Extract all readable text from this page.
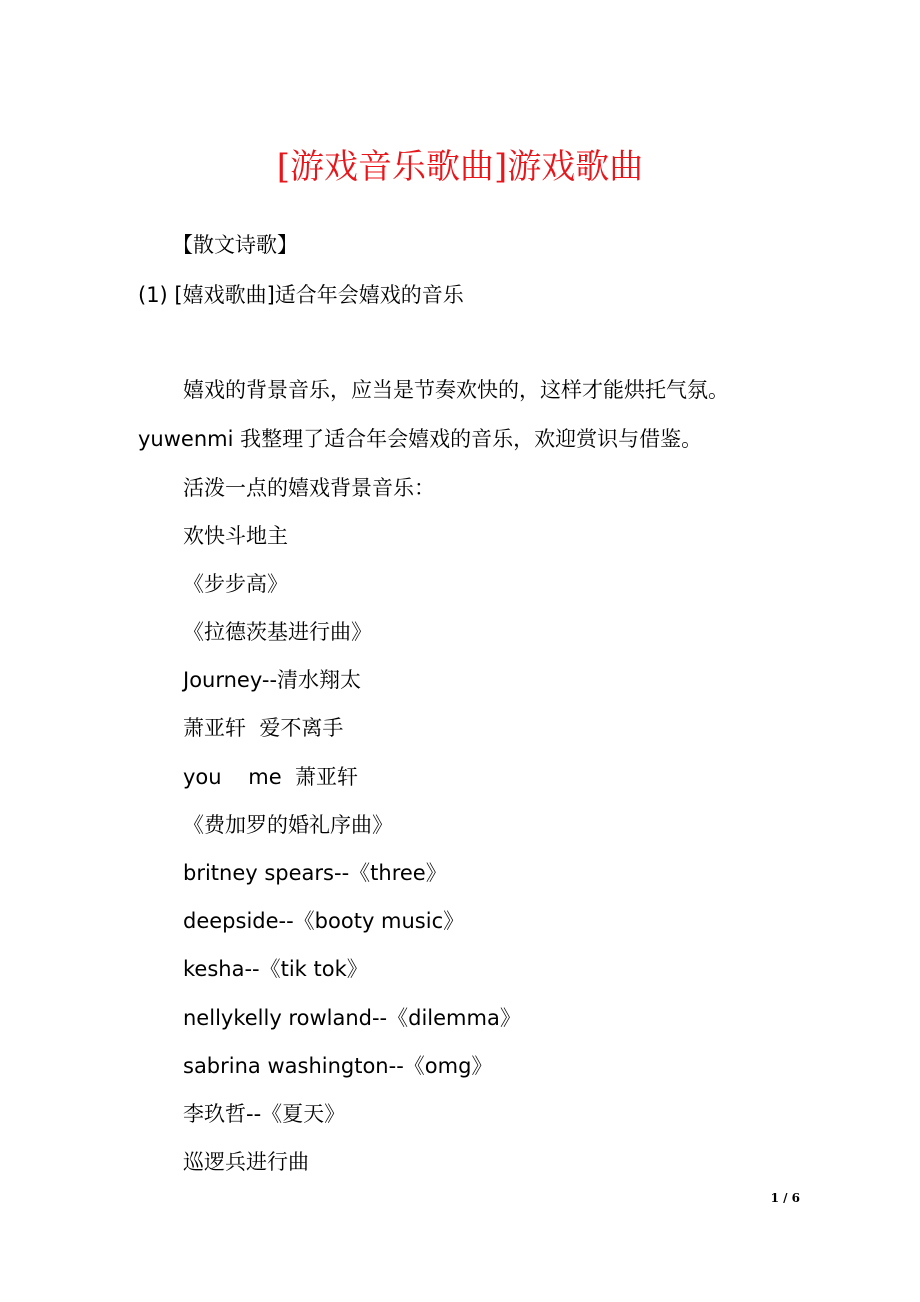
[游戏音乐歌曲]游戏歌曲
【散文诗歌】
(1) [嬉戏歌曲]适合年会嬉戏的音乐
嬉戏的背景音乐，应当是节奏欢快的，这样才能烘托气氛。
yuwenmi 我整理了适合年会嬉戏的音乐，欢迎赏识与借鉴。
活泼一点的嬉戏背景音乐：
欢快斗地主
《步步高》
《拉德茨基进行曲》
Journey--清水翔太
萧亚轩  爱不离手
you    me  萧亚轩
《费加罗的婚礼序曲》
britney spears--《three》
deepside--《booty music》
kesha--《tik tok》
nellykelly rowland--《dilemma》
sabrina washington--《omg》
李玖哲--《夏天》
巡逻兵进行曲
1 / 6
